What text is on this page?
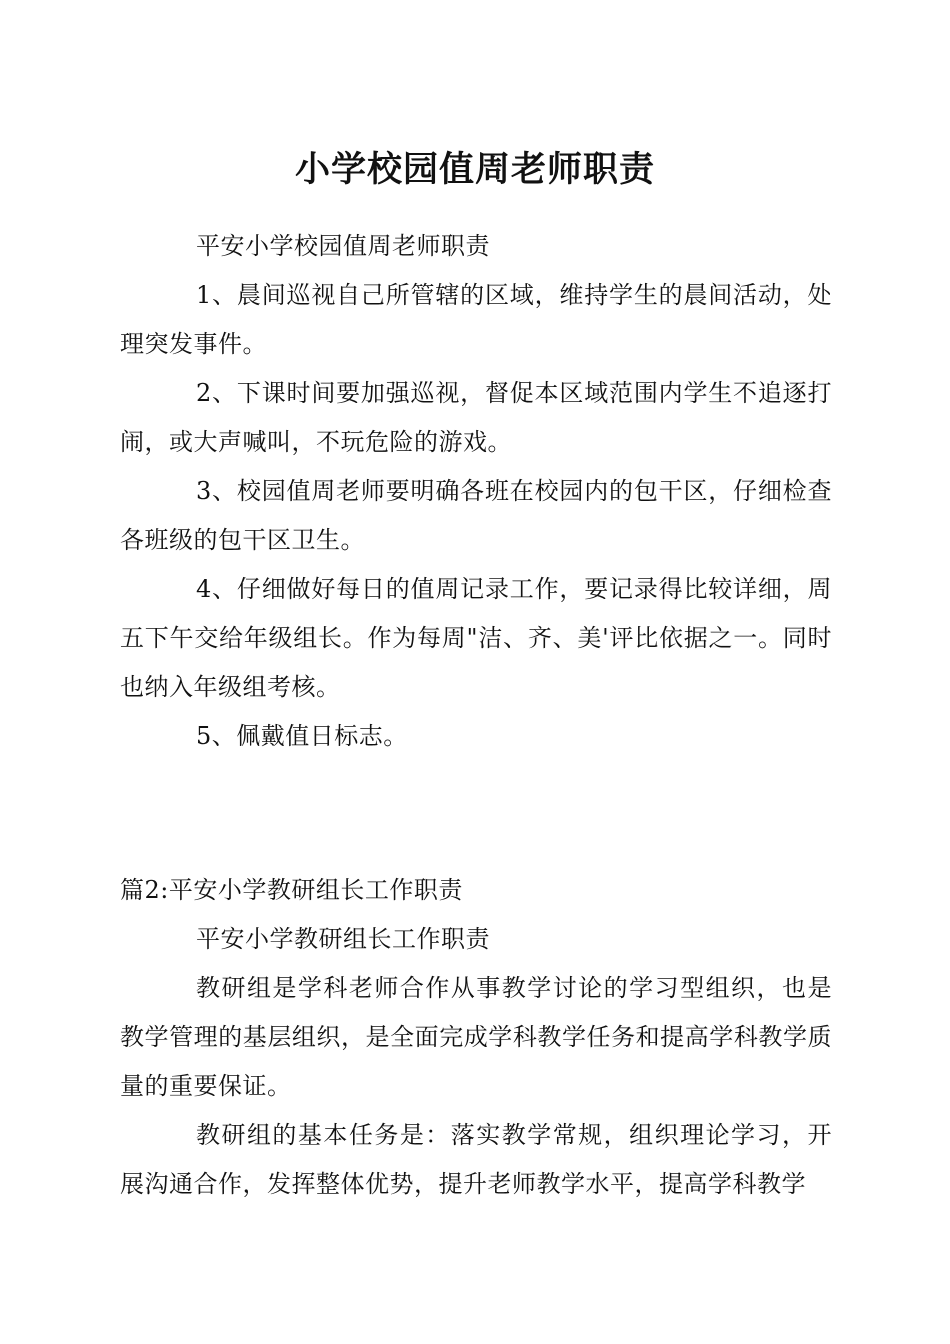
小学校园值周老师职责

平安小学校园值周老师职责

1、晨间巡视自己所管辖的区域，维持学生的晨间活动，处理突发事件。

2、下课时间要加强巡视，督促本区域范围内学生不追逐打闹，或大声喊叫，不玩危险的游戏。

3、校园值周老师要明确各班在校园内的包干区，仔细检查各班级的包干区卫生。

4、仔细做好每日的值周记录工作，要记录得比较详细，周五下午交给年级组长。作为每周"洁、齐、美'评比依据之一。同时也纳入年级组考核。

5、佩戴值日标志。

篇2:平安小学教研组长工作职责

平安小学教研组长工作职责

教研组是学科老师合作从事教学讨论的学习型组织，也是教学管理的基层组织，是全面完成学科教学任务和提高学科教学质量的重要保证。

教研组的基本任务是：落实教学常规，组织理论学习，开展沟通合作，发挥整体优势，提升老师教学水平，提高学科教学
